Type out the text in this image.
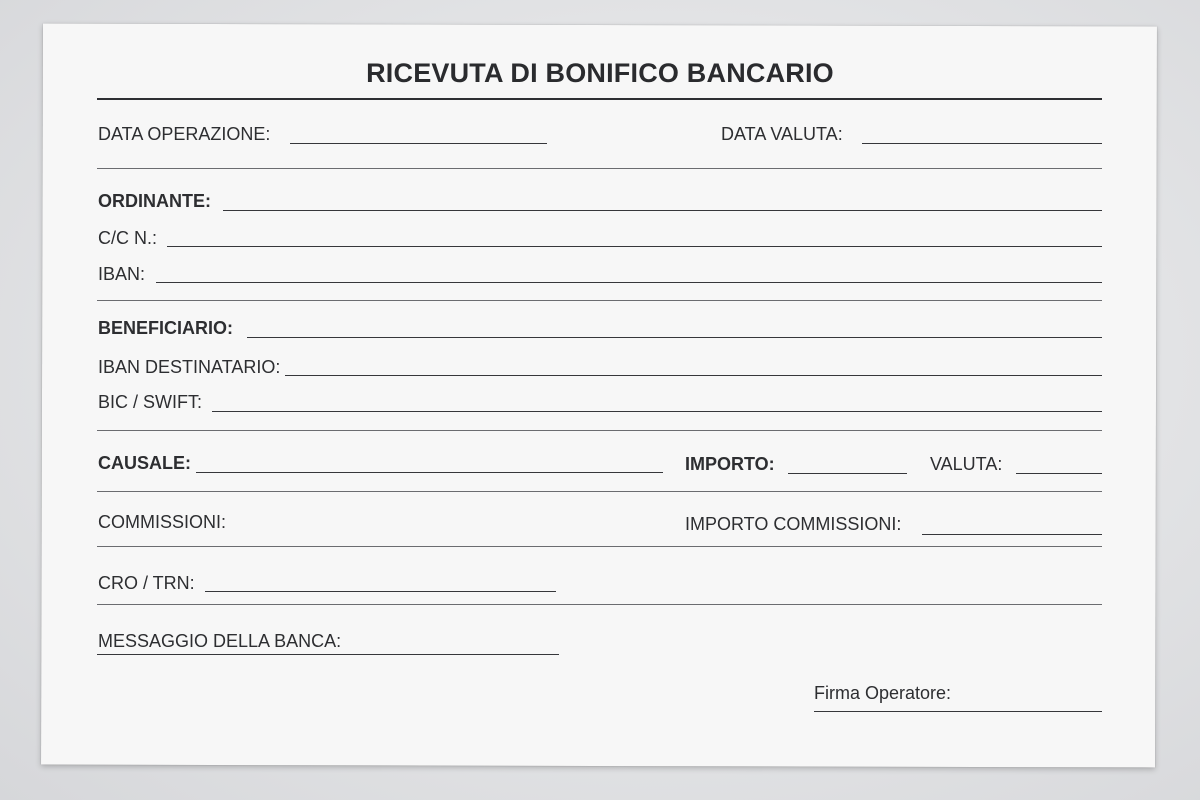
RICEVUTA DI BONIFICO BANCARIO
DATA OPERAZIONE:	DATA VALUTA:
ORDINANTE:
C/C N.:
IBAN:
BENEFICIARIO:
IBAN DESTINATARIO:
BIC / SWIFT:
CAUSALE:	IMPORTO:	VALUTA:
COMMISSIONI:	IMPORTO COMMISSIONI:
CRO / TRN:
MESSAGGIO DELLA BANCA:
Firma Operatore:
